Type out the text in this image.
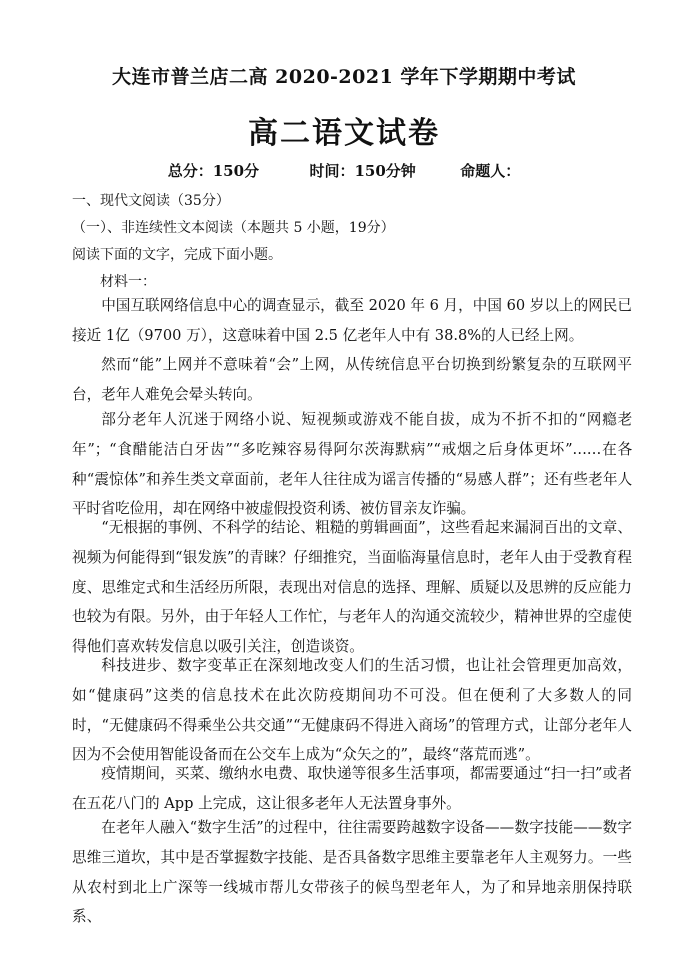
大连市普兰店二高 2020-2021 学年下学期期中考试
高二语文试卷
总分：150分	时间：150分钟	命题人：
一、现代文阅读（35分）
（一）、非连续性文本阅读（本题共 5 小题，19分）
阅读下面的文字，完成下面小题。
材料一：

中国互联网络信息中心的调查显示，截至 2020 年 6 月，中国 60 岁以上的网民已接近 1亿（9700 万），这意味着中国 2.5 亿老年人中有 38.8%的人已经上网。

然而“能”上网并不意味着“会”上网，从传统信息平台切换到纷繁复杂的互联网平台，老年人难免会晕头转向。

部分老年人沉迷于网络小说、短视频或游戏不能自拔，成为不折不扣的“网瘾老年”；“食醋能洁白牙齿”“多吃辣容易得阿尔茨海默病”“戒烟之后身体更坏”……在各种“震惊体”和养生类文章面前，老年人往往成为谣言传播的“易感人群”；还有些老年人平时省吃俭用，却在网络中被虚假投资利诱、被仿冒亲友诈骗。

“无根据的事例、不科学的结论、粗糙的剪辑画面”，这些看起来漏洞百出的文章、视频为何能得到“银发族”的青睐？仔细推究，当面临海量信息时，老年人由于受教育程度、思维定式和生活经历所限，表现出对信息的选择、理解、质疑以及思辨的反应能力也较为有限。另外，由于年轻人工作忙，与老年人的沟通交流较少，精神世界的空虚使得他们喜欢转发信息以吸引关注，创造谈资。

科技进步、数字变革正在深刻地改变人们的生活习惯，也让社会管理更加高效，如“健康码”这类的信息技术在此次防疫期间功不可没。但在便利了大多数人的同时，“无健康码不得乘坐公共交通”“无健康码不得进入商场”的管理方式，让部分老年人因为不会使用智能设备而在公交车上成为“众矢之的”，最终“落荒而逃”。

疫情期间，买菜、缴纳水电费、取快递等很多生活事项，都需要通过“扫一扫”或者在五花八门的 App 上完成，这让很多老年人无法置身事外。

在老年人融入“数字生活”的过程中，往往需要跨越数字设备——数字技能——数字思维三道坎，其中是否掌握数字技能、是否具备数字思维主要靠老年人主观努力。一些从农村到北上广深等一线城市帮儿女带孩子的候鸟型老年人，为了和异地亲朋保持联系、
